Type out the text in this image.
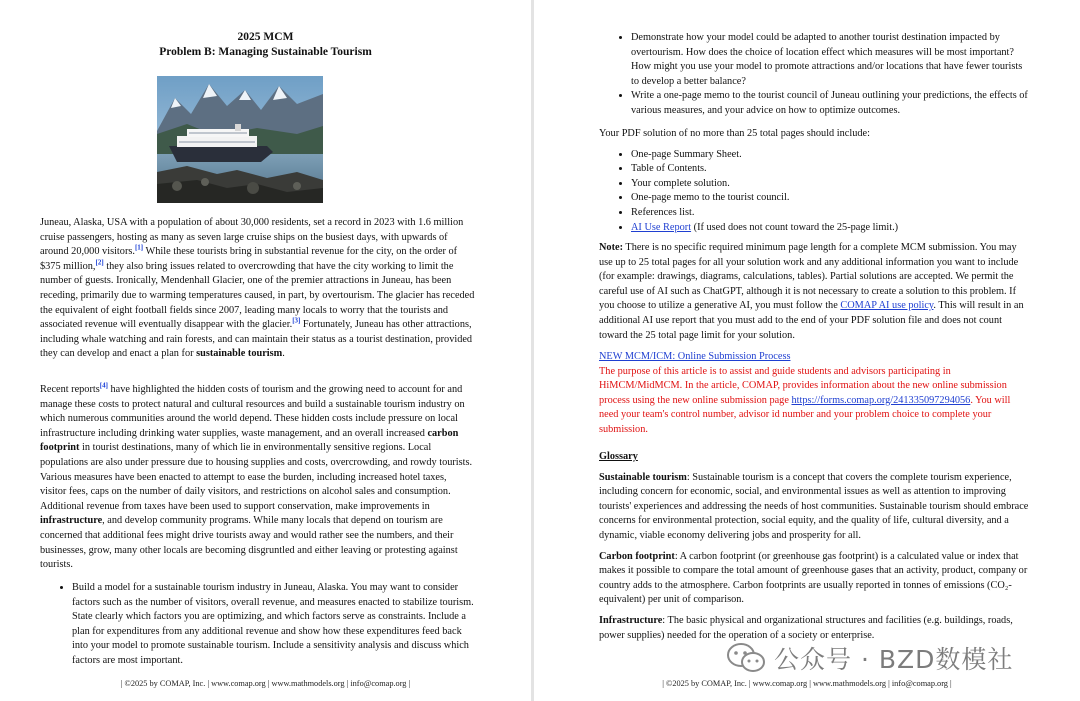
2025 MCM
Problem B: Managing Sustainable Tourism

Juneau, Alaska, USA with a population of about 30,000 residents, set a record in 2023 with 1.6 million cruise passengers, hosting as many as seven large cruise ships on the busiest days, with upwards of around 20,000 visitors.[1] While these tourists bring in substantial revenue for the city, on the order of $375 million,[2] they also bring issues related to overcrowding that have the city working to limit the number of guests. Ironically, Mendenhall Glacier, one of the premier attractions in Juneau, has been receding, primarily due to warming temperatures caused, in part, by overtourism. The glacier has receded the equivalent of eight football fields since 2007, leading many locals to worry that the tourists and associated revenue will eventually disappear with the glacier.[3] Fortunately, Juneau has other attractions, including whale watching and rain forests, and can maintain their status as a tourist destination, provided they can develop and enact a plan for sustainable tourism.

Recent reports[4] have highlighted the hidden costs of tourism and the growing need to account for and manage these costs to protect natural and cultural resources and build a sustainable tourism industry on which numerous communities around the world depend. These hidden costs include pressure on local infrastructure including drinking water supplies, waste management, and an overall increased carbon footprint in tourist destinations, many of which lie in environmentally sensitive regions. Local populations are also under pressure due to housing supplies and costs, overcrowding, and rowdy tourists. Various measures have been enacted to attempt to ease the burden, including increased hotel taxes, visitor fees, caps on the number of daily visitors, and restrictions on alcohol sales and consumption. Additional revenue from taxes have been used to support conservation, make improvements in infrastructure, and develop community programs. While many locals that depend on tourism are concerned that additional fees might drive tourists away and would rather see the numbers, and their businesses, grow, many other locals are becoming disgruntled and either leaving or protesting against tourists.

• Build a model for a sustainable tourism industry in Juneau, Alaska. You may want to consider factors such as the number of visitors, overall revenue, and measures enacted to stabilize tourism. State clearly which factors you are optimizing, and which factors serve as constraints. Include a plan for expenditures from any additional revenue and show how these expenditures feed back into your model to promote sustainable tourism. Include a sensitivity analysis and discuss which factors are most important.
| ©2025 by COMAP, Inc. | www.comap.org | www.mathmodels.org | info@comap.org |
• Demonstrate how your model could be adapted to another tourist destination impacted by overtourism. How does the choice of location effect which measures will be most important? How might you use your model to promote attractions and/or locations that have fewer tourists to develop a better balance?
• Write a one-page memo to the tourist council of Juneau outlining your predictions, the effects of various measures, and your advice on how to optimize outcomes.

Your PDF solution of no more than 25 total pages should include:

• One-page Summary Sheet.
• Table of Contents.
• Your complete solution.
• One-page memo to the tourist council.
• References list.
• AI Use Report (If used does not count toward the 25-page limit.)

Note: There is no specific required minimum page length for a complete MCM submission. You may use up to 25 total pages for all your solution work and any additional information you want to include (for example: drawings, diagrams, calculations, tables). Partial solutions are accepted. We permit the careful use of AI such as ChatGPT, although it is not necessary to create a solution to this problem. If you choose to utilize a generative AI, you must follow the COMAP AI use policy. This will result in an additional AI use report that you must add to the end of your PDF solution file and does not count toward the 25 total page limit for your solution.

NEW MCM/ICM: Online Submission Process

The purpose of this article is to assist and guide students and advisors participating in HiMCM/MidMCM. In the article, COMAP, provides information about the new online submission process using the new online submission page https://forms.comap.org/241335097294056. You will need your team's control number, advisor id number and your problem choice to complete your submission.

Glossary

Sustainable tourism: Sustainable tourism is a concept that covers the complete tourism experience, including concern for economic, social, and environmental issues as well as attention to improving tourists' experiences and addressing the needs of host communities. Sustainable tourism should embrace concerns for environmental protection, social equity, and the quality of life, cultural diversity, and a dynamic, viable economy delivering jobs and prosperity for all.

Carbon footprint: A carbon footprint (or greenhouse gas footprint) is a calculated value or index that makes it possible to compare the total amount of greenhouse gases that an activity, product, company or country adds to the atmosphere. Carbon footprints are usually reported in tonnes of emissions (CO₂-equivalent) per unit of comparison.

Infrastructure: The basic physical and organizational structures and facilities (e.g. buildings, roads, power supplies) needed for the operation of a society or enterprise.

| ©2025 by COMAP, Inc. | www.comap.org | www.mathmodels.org | info@comap.org |
公众号 · BZD数模社
